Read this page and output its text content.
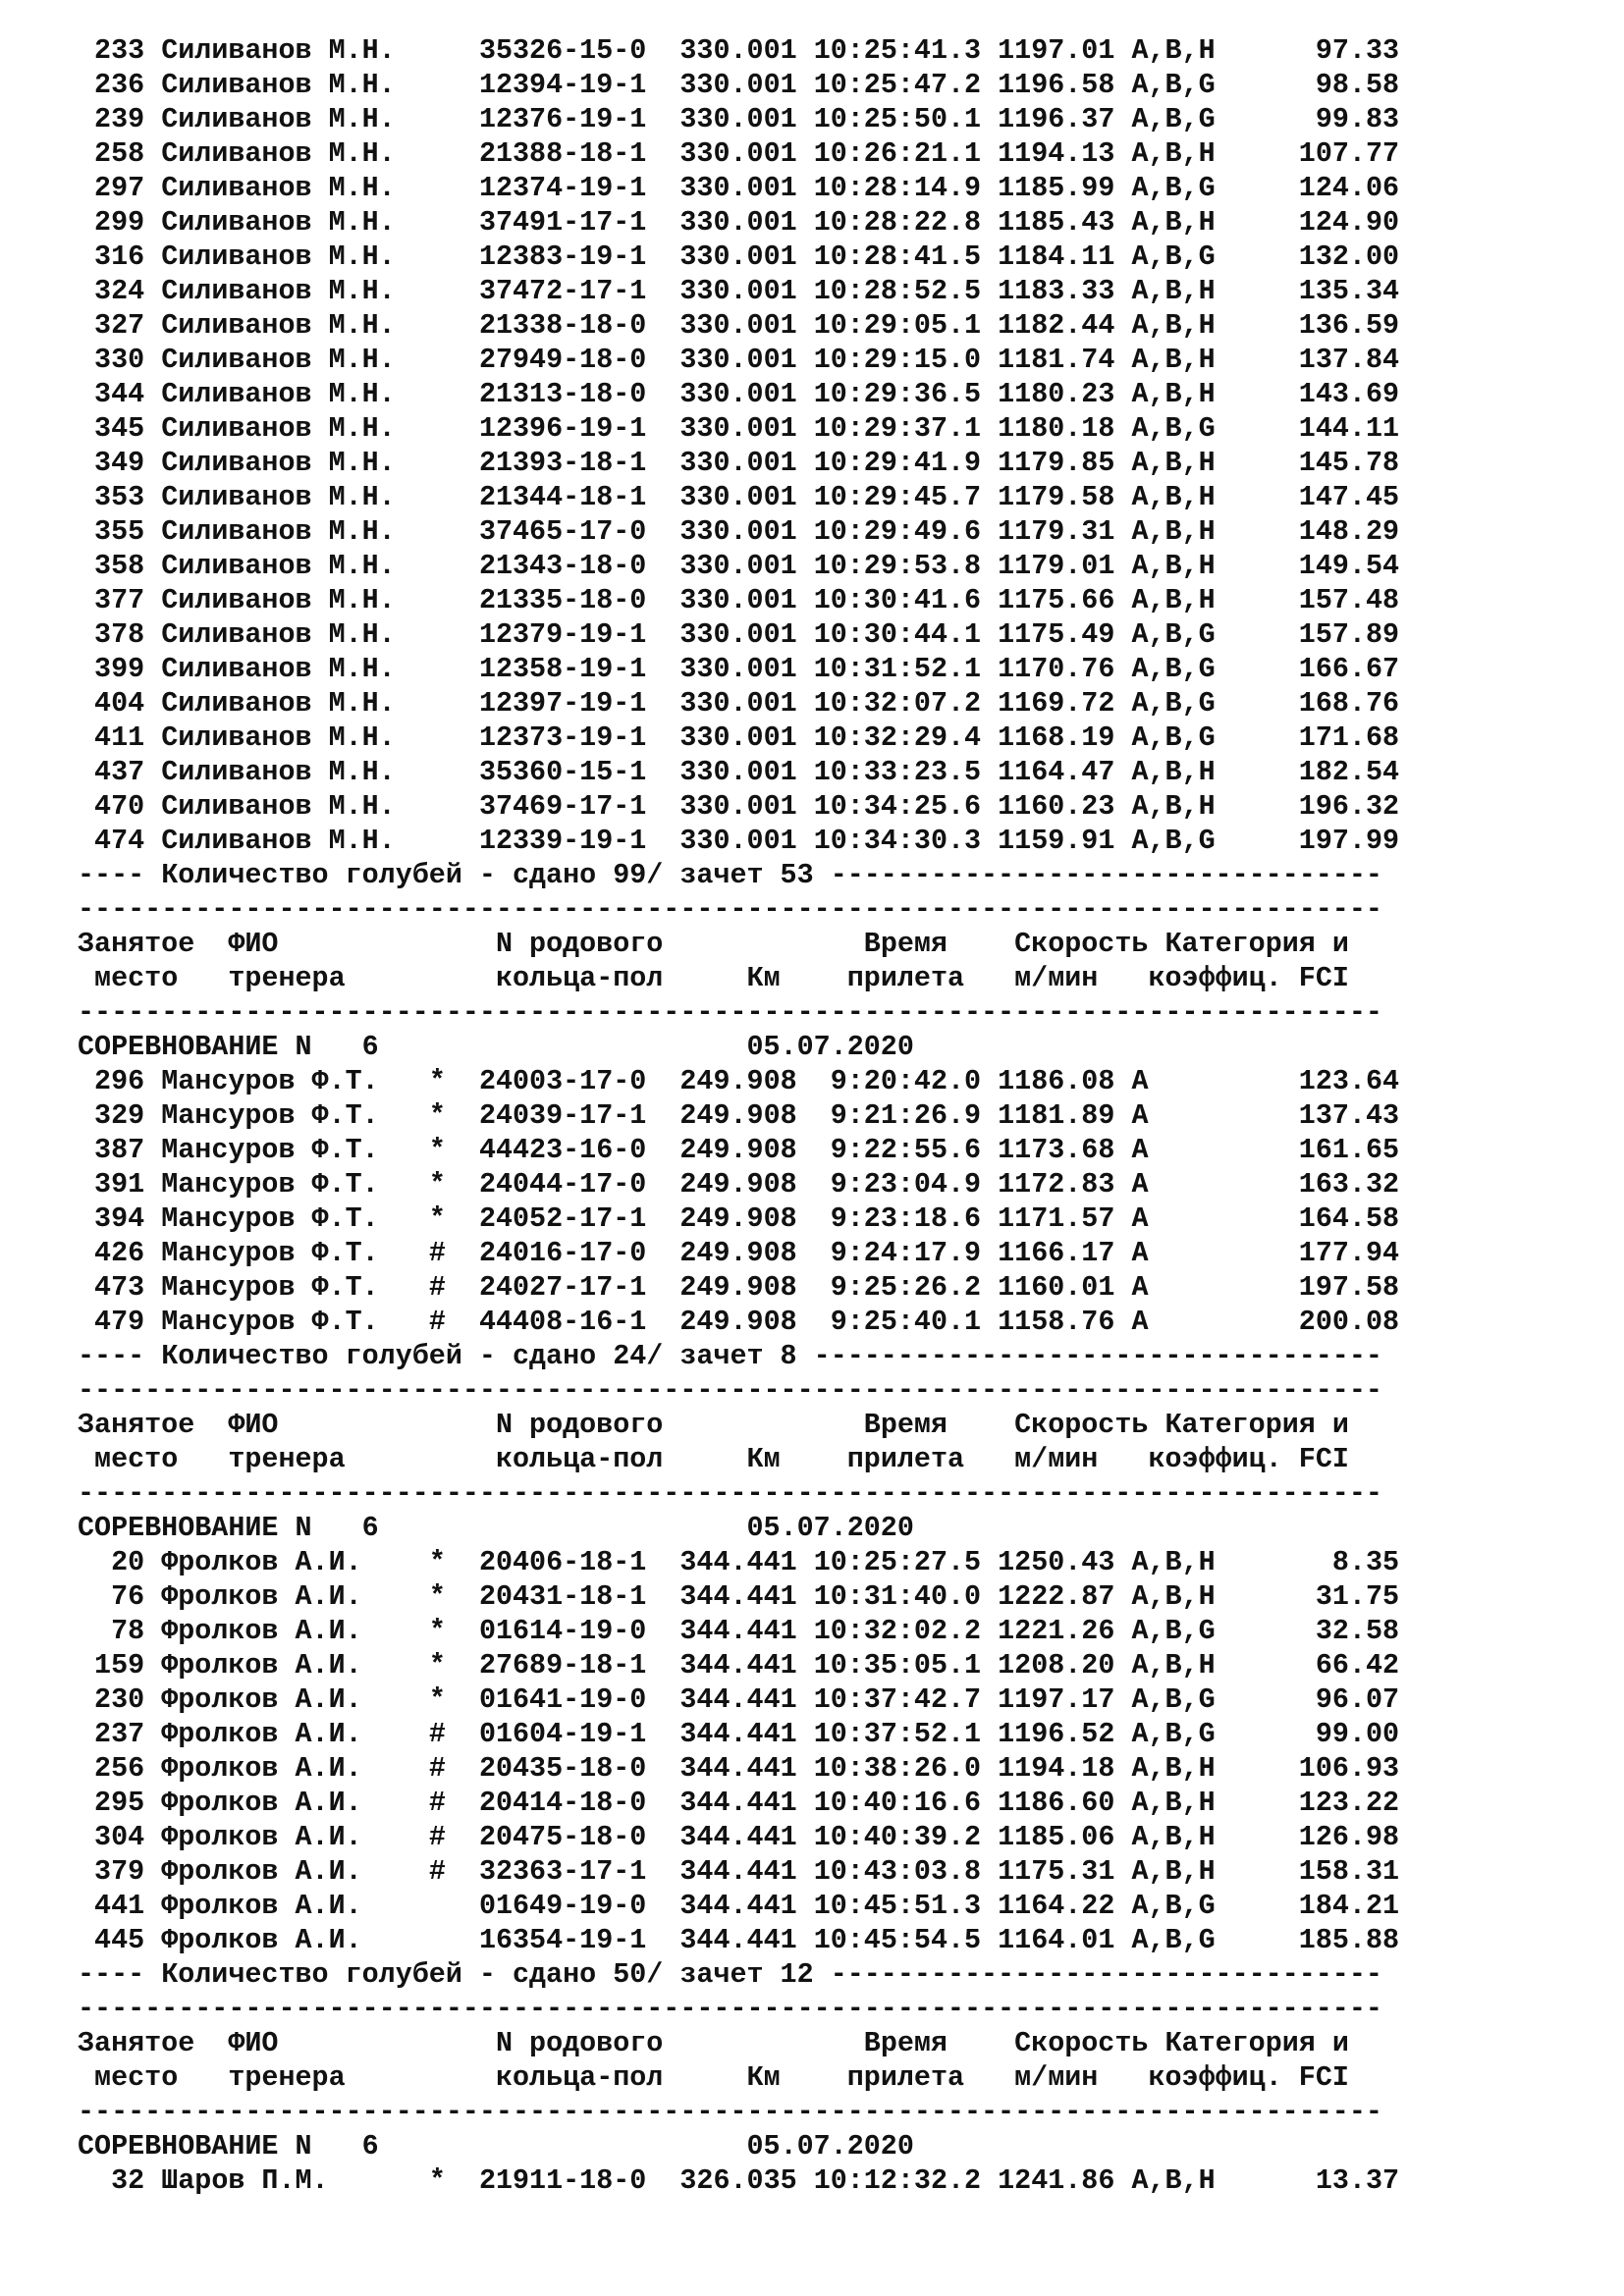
233 Силиванов М.Н.     35326-15-0 330.001 10:25:41.3 1197.01 A,B,H      97.33
236 Силиванов М.Н.     12394-19-1 330.001 10:25:47.2 1196.58 A,B,G      98.58
239 Силиванов М.Н.     12376-19-1 330.001 10:25:50.1 1196.37 A,B,G      99.83
258 Силиванов М.Н.     21388-18-1 330.001 10:26:21.1 1194.13 A,B,H     107.77
297 Силиванов М.Н.     12374-19-1 330.001 10:28:14.9 1185.99 A,B,G     124.06
299 Силиванов М.Н.     37491-17-1 330.001 10:28:22.8 1185.43 A,B,H     124.90
316 Силиванов М.Н.     12383-19-1 330.001 10:28:41.5 1184.11 A,B,G     132.00
324 Силиванов М.Н.     37472-17-1 330.001 10:28:52.5 1183.33 A,B,H     135.34
327 Силиванов М.Н.     21338-18-0 330.001 10:29:05.1 1182.44 A,B,H     136.59
330 Силиванов М.Н.     27949-18-0 330.001 10:29:15.0 1181.74 A,B,H     137.84
344 Силиванов М.Н.     21313-18-0 330.001 10:29:36.5 1180.23 A,B,H     143.69
345 Силиванов М.Н.     12396-19-1 330.001 10:29:37.1 1180.18 A,B,G     144.11
349 Силиванов М.Н.     21393-18-1 330.001 10:29:41.9 1179.85 A,B,H     145.78
353 Силиванов М.Н.     21344-18-1 330.001 10:29:45.7 1179.58 A,B,H     147.45
355 Силиванов М.Н.     37465-17-0 330.001 10:29:49.6 1179.31 A,B,H     148.29
358 Силиванов М.Н.     21343-18-0 330.001 10:29:53.8 1179.01 A,B,H     149.54
377 Силиванов М.Н.     21335-18-0 330.001 10:30:41.6 1175.66 A,B,H     157.48
378 Силиванов М.Н.     12379-19-1 330.001 10:30:44.1 1175.49 A,B,G     157.89
399 Силиванов М.Н.     12358-19-1 330.001 10:31:52.1 1170.76 A,B,G     166.67
404 Силиванов М.Н.     12397-19-1 330.001 10:32:07.2 1169.72 A,B,G     168.76
411 Силиванов М.Н.     12373-19-1 330.001 10:32:29.4 1168.19 A,B,G     171.68
437 Силиванов М.Н.     35360-15-1 330.001 10:33:23.5 1164.47 A,B,H     182.54
470 Силиванов М.Н.     37469-17-1 330.001 10:34:25.6 1160.23 A,B,H     196.32
474 Силиванов М.Н.     12339-19-1 330.001 10:34:30.3 1159.91 A,B,G     197.99
---- Количество голубей - сдано 99/ зачет 53 ---------------------------------
------------------------------------------------------------------------------
Занятое  ФИО             N родового            Время    Скорость Категория и
место   тренера         кольца-пол     Км    прилета   м/мин   коэффиц. FCI
------------------------------------------------------------------------------
СОРЕВНОВАНИЕ N   6                      05.07.2020
296 Мансуров Ф.Т.   *  24003-17-0 249.908  9:20:42.0 1186.08 A         123.64
329 Мансуров Ф.Т.   *  24039-17-1 249.908  9:21:26.9 1181.89 A         137.43
387 Мансуров Ф.Т.   *  44423-16-0 249.908  9:22:55.6 1173.68 A         161.65
391 Мансуров Ф.Т.   *  24044-17-0 249.908  9:23:04.9 1172.83 A         163.32
394 Мансуров Ф.Т.   *  24052-17-1 249.908  9:23:18.6 1171.57 A         164.58
426 Мансуров Ф.Т.   #  24016-17-0 249.908  9:24:17.9 1166.17 A         177.94
473 Мансуров Ф.Т.   #  24027-17-1 249.908  9:25:26.2 1160.01 A         197.58
479 Мансуров Ф.Т.   #  44408-16-1 249.908  9:25:40.1 1158.76 A         200.08
---- Количество голубей - сдано 24/ зачет 8 ----------------------------------
------------------------------------------------------------------------------
Занятое  ФИО             N родового            Время    Скорость Категория и
место   тренера         кольца-пол     Км    прилета   м/мин   коэффиц. FCI
------------------------------------------------------------------------------
СОРЕВНОВАНИЕ N   6                      05.07.2020
20 Фролков А.И.    *  20406-18-1 344.441 10:25:27.5 1250.43 A,B,H       8.35
76 Фролков А.И.    *  20431-18-1 344.441 10:31:40.0 1222.87 A,B,H      31.75
78 Фролков А.И.    *  01614-19-0 344.441 10:32:02.2 1221.26 A,B,G      32.58
159 Фролков А.И.    *  27689-18-1 344.441 10:35:05.1 1208.20 A,B,H      66.42
230 Фролков А.И.    *  01641-19-0 344.441 10:37:42.7 1197.17 A,B,G      96.07
237 Фролков А.И.    #  01604-19-1 344.441 10:37:52.1 1196.52 A,B,G      99.00
256 Фролков А.И.    #  20435-18-0 344.441 10:38:26.0 1194.18 A,B,H     106.93
295 Фролков А.И.    #  20414-18-0 344.441 10:40:16.6 1186.60 A,B,H     123.22
304 Фролков А.И.    #  20475-18-0 344.441 10:40:39.2 1185.06 A,B,H     126.98
379 Фролков А.И.    #  32363-17-1 344.441 10:43:03.8 1175.31 A,B,H     158.31
441 Фролков А.И.       01649-19-0 344.441 10:45:51.3 1164.22 A,B,G     184.21
445 Фролков А.И.       16354-19-1 344.441 10:45:54.5 1164.01 A,B,G     185.88
---- Количество голубей - сдано 50/ зачет 12 ---------------------------------
------------------------------------------------------------------------------
Занятое  ФИО             N родового            Время    Скорость Категория и
место   тренера         кольца-пол     Км    прилета   м/мин   коэффиц. FCI
------------------------------------------------------------------------------
СОРЕВНОВАНИЕ N   6                      05.07.2020
32 Шаров П.М.      *  21911-18-0 326.035 10:12:32.2 1241.86 A,B,H      13.37
